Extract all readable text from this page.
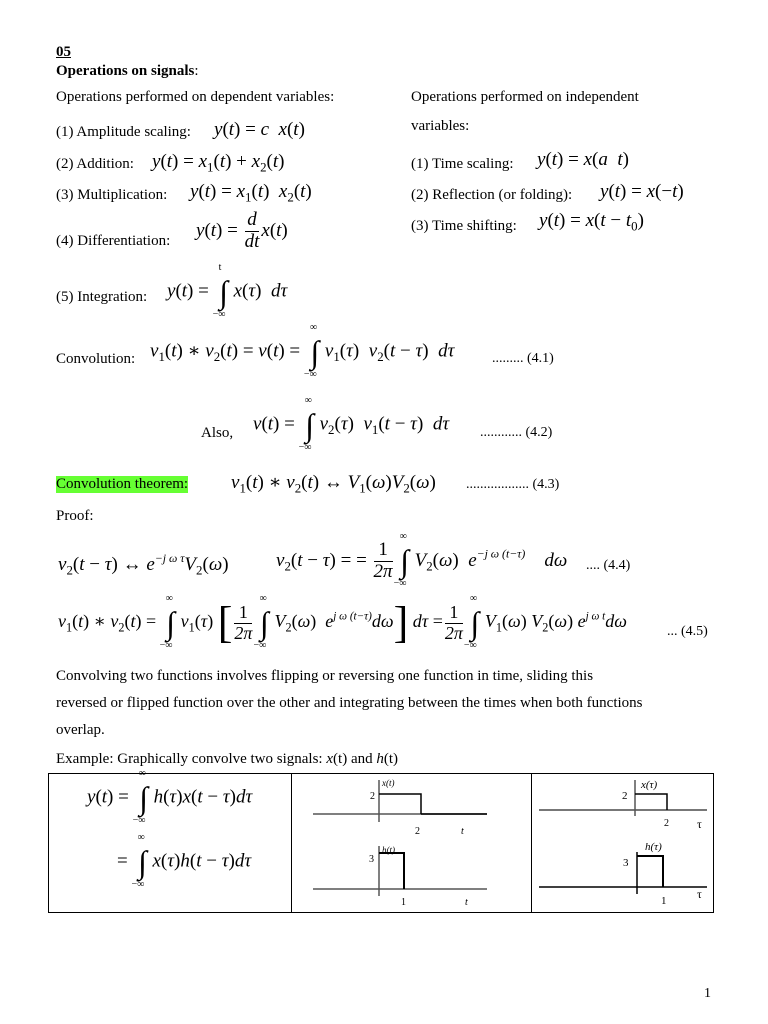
05
Operations on signals:
Operations performed on dependent variables:
(1) Amplitude scaling: y(t) = c  x(t)
(2) Addition: $y(t) = x_1(t) + x_2(t)$
(3) Multiplication: $y(t) = x_1(t)$  $x_2(t)$
(4) Differentiation:
$y(t) = \frac{d}{dt} x(t)$
(5) Integration: y(t) =
t
∫
−∞
x(τ)  dτ
Operations performed on independent
variables:
(1) Time scaling: y(t) = x(a  t)
(2) Reflection (or folding): y(t) = x(−t)
(3) Time shifting: $y(t) = x(t - t_0)$
Convolution: $v_1(t)$ ∗ $v_2(t) = v(t)$ =
∞
∫
−∞
$v_1(\tau) v_2(t - \tau)$  dτ	......... (4.1)
Also, v(t) =
∞
∫
−∞
$v_2(\tau) v_1(t - \tau)$  dτ ............ (4.2)
Convolution theorem: $v_1(t)$ ∗ $v_2(t)$ ↔ $V_1(\omega)V_2(\omega)$ .................. (4.3)
Proof:
$v_2(t - \tau)$ ↔ $e^{-j \omega \tau}V_2(\omega) v_2(t - \tau)$ = = $\frac{1}{2\pi}$
∞
∫
−∞
$V_2(\omega)$  $e^{-j \omega (t-\tau)}$    dω .... (4.4)
$v_1(t)$ ∗ $v_2(t)$ =
∞
∫
−∞
$v_1(\tau)$ [ $\frac{1}{2\pi}$
∞
∫
−∞
$V_2(\omega)$  $e^{j \omega (t-\tau)}d\omega$] $d\tau = \frac{1}{2\pi}$
∞
∫
−∞
$V_1(\omega)$ $V_2(\omega)$ $e^{j \omega t}d\omega$
... (4.5)
Convolving two functions involves flipping or reversing one function in time, sliding this
reversed or flipped function over the other and integrating between the times when both functions
overlap.
Example: Graphically convolve two signals: x(t) and h(t)
y(t) =
∞
∫
−∞
h(τ)x(t − τ)dτ
=
∞
∫
−∞
x(τ)h(t − τ)dτ
x(t)
2
2	t
h(t)
3
1	t
x(τ)
2
2 τ
h(τ)
3
1	τ
1
